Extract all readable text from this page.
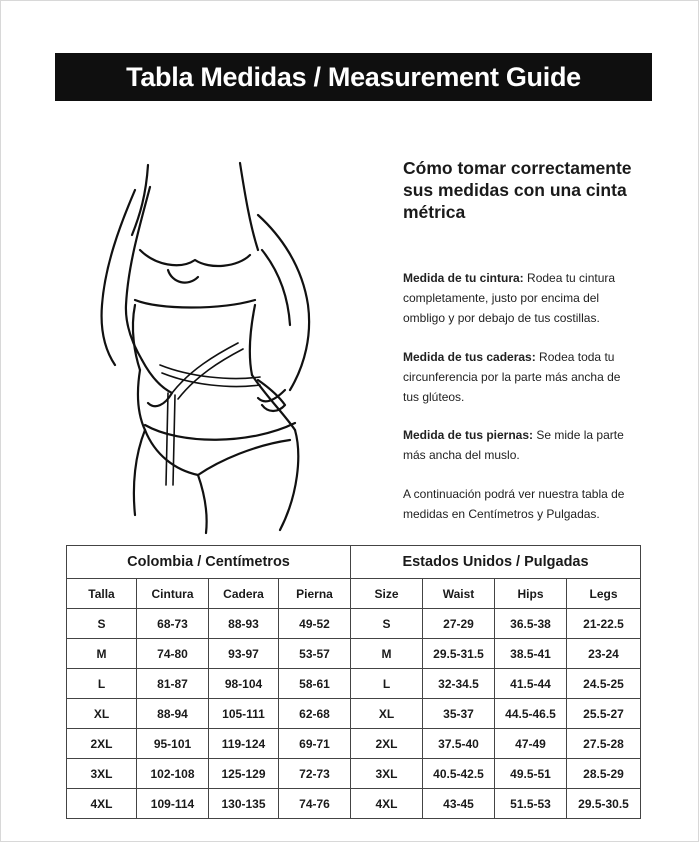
Tabla Medidas / Measurement Guide
Cómo tomar correctamente
sus medidas con una cinta
métrica
Medida de tu cintura: Rodea tu cintura
completamente, justo por encima del
ombligo y por debajo de tus costillas.
Medida de tus caderas: Rodea toda tu
circunferencia por la parte más ancha de
tus glúteos.
Medida de tus piernas: Se mide la parte
más ancha del muslo.
A continuación podrá ver nuestra tabla de
medidas en Centímetros y Pulgadas.
Colombia / Centímetros				Estados Unidos / Pulgadas			
Talla	Cintura	Cadera	Pierna		Size	Waist	Hips	Legs
S	68-73	88-93	49-52		S	27-29	36.5-38	21-22.5
M	74-80	93-97	53-57		M	29.5-31.5	38.5-41	23-24
L	81-87	98-104	58-61		L	32-34.5	41.5-44	24.5-25
XL	88-94	105-111	62-68		XL	35-37	44.5-46.5	25.5-27
2XL	95-101	119-124	69-71		2XL	37.5-40	47-49	27.5-28
3XL	102-108	125-129	72-73		3XL	40.5-42.5	49.5-51	28.5-29
4XL	109-114	130-135	74-76		4XL	43-45	51.5-53	29.5-30.5
